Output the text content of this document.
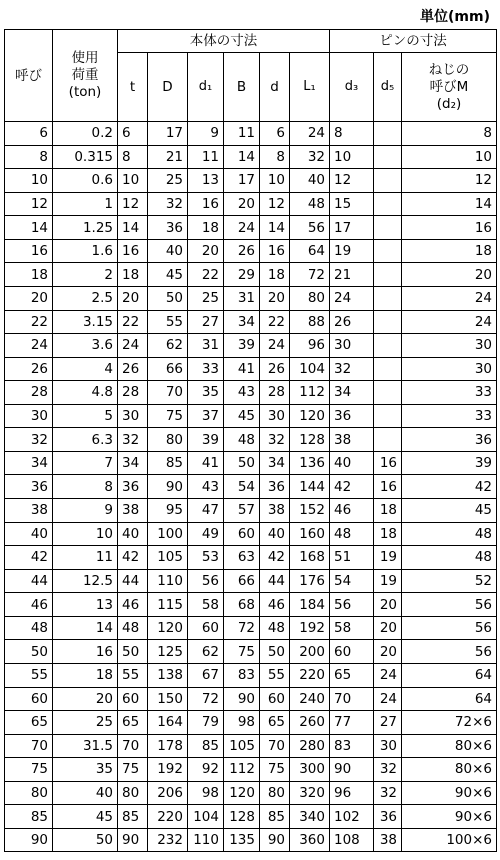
単位(mm)
呼び	使用
荷重
(ton)	本体の寸法						ピンの寸法		
		t	D	d₁	B	d	L₁	d₃	d₅	ねじの
呼びM
(d₂)
6	0.2	6	17	9	11	6	24	8		8
8	0.315	8	21	11	14	8	32	10		10
10	0.6	10	25	13	17	10	40	12		12
12	1	12	32	16	20	12	48	15		14
14	1.25	14	36	18	24	14	56	17		16
16	1.6	16	40	20	26	16	64	19		18
18	2	18	45	22	29	18	72	21		20
20	2.5	20	50	25	31	20	80	24		24
22	3.15	22	55	27	34	22	88	26		24
24	3.6	24	62	31	39	24	96	30		30
26	4	26	66	33	41	26	104	32		30
28	4.8	28	70	35	43	28	112	34		33
30	5	30	75	37	45	30	120	36		33
32	6.3	32	80	39	48	32	128	38		36
34	7	34	85	41	50	34	136	40	16	39
36	8	36	90	43	54	36	144	42	16	42
38	9	38	95	47	57	38	152	46	18	45
40	10	40	100	49	60	40	160	48	18	48
42	11	42	105	53	63	42	168	51	19	48
44	12.5	44	110	56	66	44	176	54	19	52
46	13	46	115	58	68	46	184	56	20	56
48	14	48	120	60	72	48	192	58	20	56
50	16	50	125	62	75	50	200	60	20	56
55	18	55	138	67	83	55	220	65	24	64
60	20	60	150	72	90	60	240	70	24	64
65	25	65	164	79	98	65	260	77	27	72×6
70	31.5	70	178	85	105	70	280	83	30	80×6
75	35	75	192	92	112	75	300	90	32	80×6
80	40	80	206	98	120	80	320	96	32	90×6
85	45	85	220	104	128	85	340	102	36	90×6
90	50	90	232	110	135	90	360	108	38	100×6
